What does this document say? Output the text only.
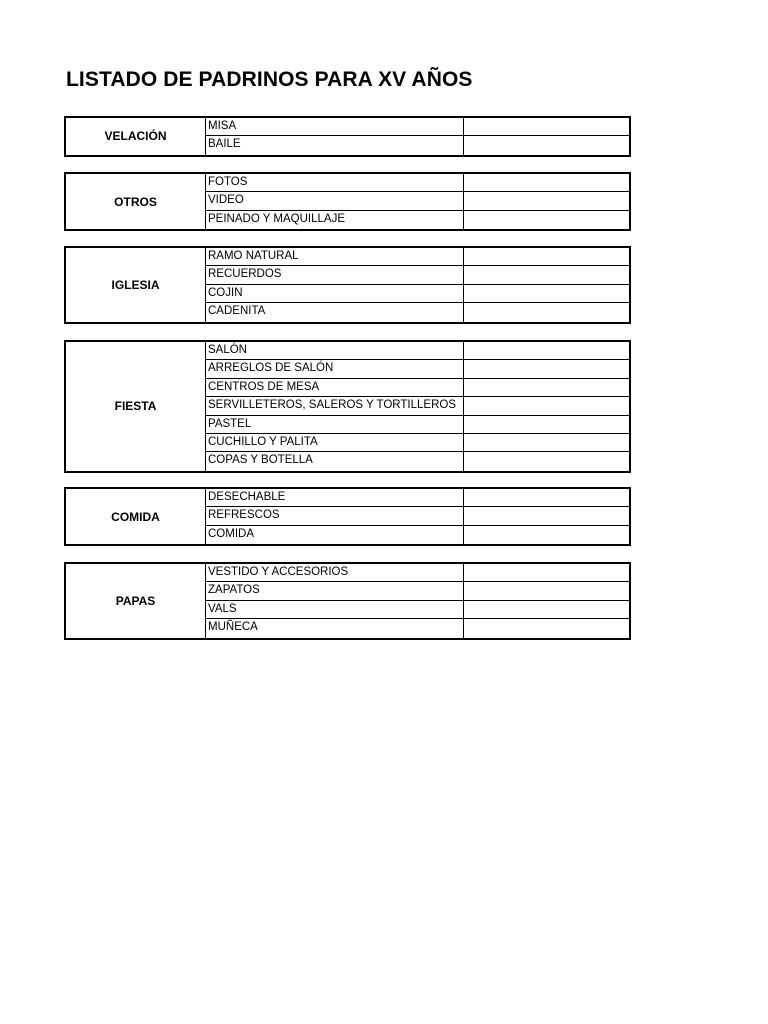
LISTADO DE PADRINOS PARA XV AÑOS
VELACIÓN
MISA
BAILE
OTROS
FOTOS
VIDEO
PEINADO Y MAQUILLAJE
IGLESIA
RAMO NATURAL
RECUERDOS
COJIN
CADENITA
FIESTA
SALÓN
ARREGLOS DE SALÓN
CENTROS DE MESA
SERVILLETEROS, SALEROS Y TORTILLEROS
PASTEL
CUCHILLO Y PALITA
COPAS Y BOTELLA
COMIDA
DESECHABLE
REFRESCOS
COMIDA
PAPAS
VESTIDO Y ACCESORIOS
ZAPATOS
VALS
MUÑECA
